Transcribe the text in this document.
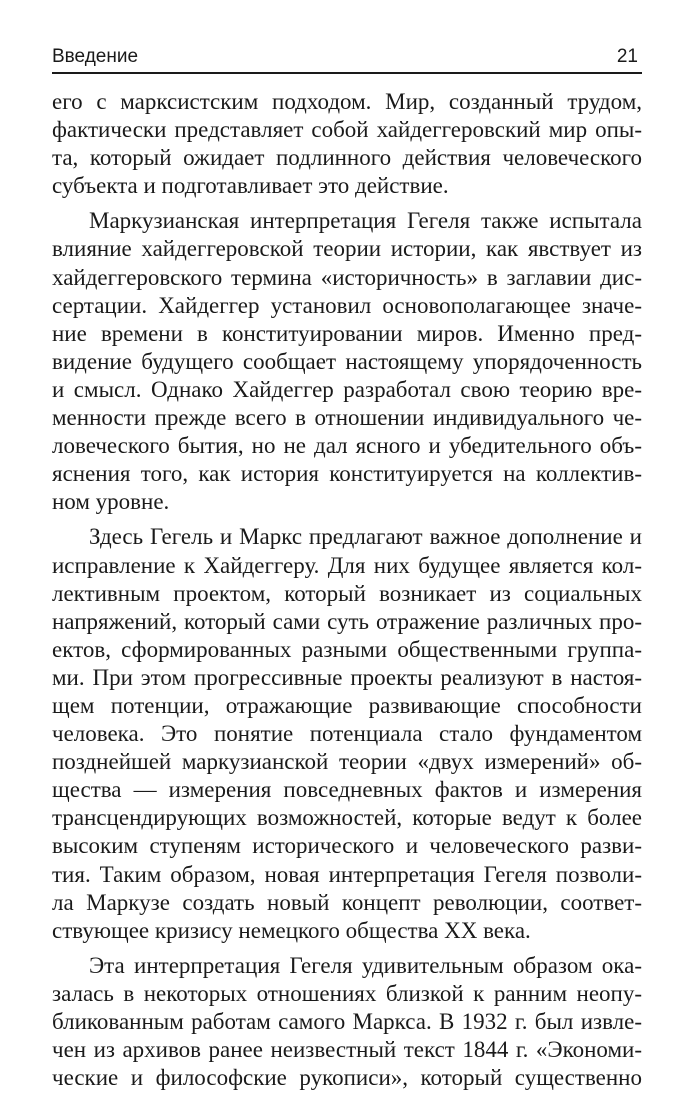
Введение	21
его с марксистским подходом. Мир, созданный трудом,
фактически представляет собой хайдеггеровский мир опы-
та, который ожидает подлинного действия человеческого
субъекта и подготавливает это действие.
Маркузианская интерпретация Гегеля также испытала
влияние хайдеггеровской теории истории, как явствует из
хайдеггеровского термина «историчность» в заглавии дис-
сертации. Хайдеггер установил основополагающее значе-
ние времени в конституировании миров. Именно пред-
видение будущего сообщает настоящему упорядоченность
и смысл. Однако Хайдеггер разработал свою теорию вре-
менности прежде всего в отношении индивидуального че-
ловеческого бытия, но не дал ясного и убедительного объ-
яснения того, как история конституируется на коллектив-
ном уровне.
Здесь Гегель и Маркс предлагают важное дополнение и
исправление к Хайдеггеру. Для них будущее является кол-
лективным проектом, который возникает из социальных
напряжений, который сами суть отражение различных про-
ектов, сформированных разными общественными группа-
ми. При этом прогрессивные проекты реализуют в настоя-
щем потенции, отражающие развивающие способности
человека. Это понятие потенциала стало фундаментом
позднейшей маркузианской теории «двух измерений» об-
щества — измерения повседневных фактов и измерения
трансцендирующих возможностей, которые ведут к более
высоким ступеням исторического и человеческого разви-
тия. Таким образом, новая интерпретация Гегеля позволи-
ла Маркузе создать новый концепт революции, соответ-
ствующее кризису немецкого общества XX века.
Эта интерпретация Гегеля удивительным образом ока-
залась в некоторых отношениях близкой к ранним неопу-
бликованным работам самого Маркса. В 1932 г. был извле-
чен из архивов ранее неизвестный текст 1844 г. «Экономи-
ческие и философские рукописи», который существенно
